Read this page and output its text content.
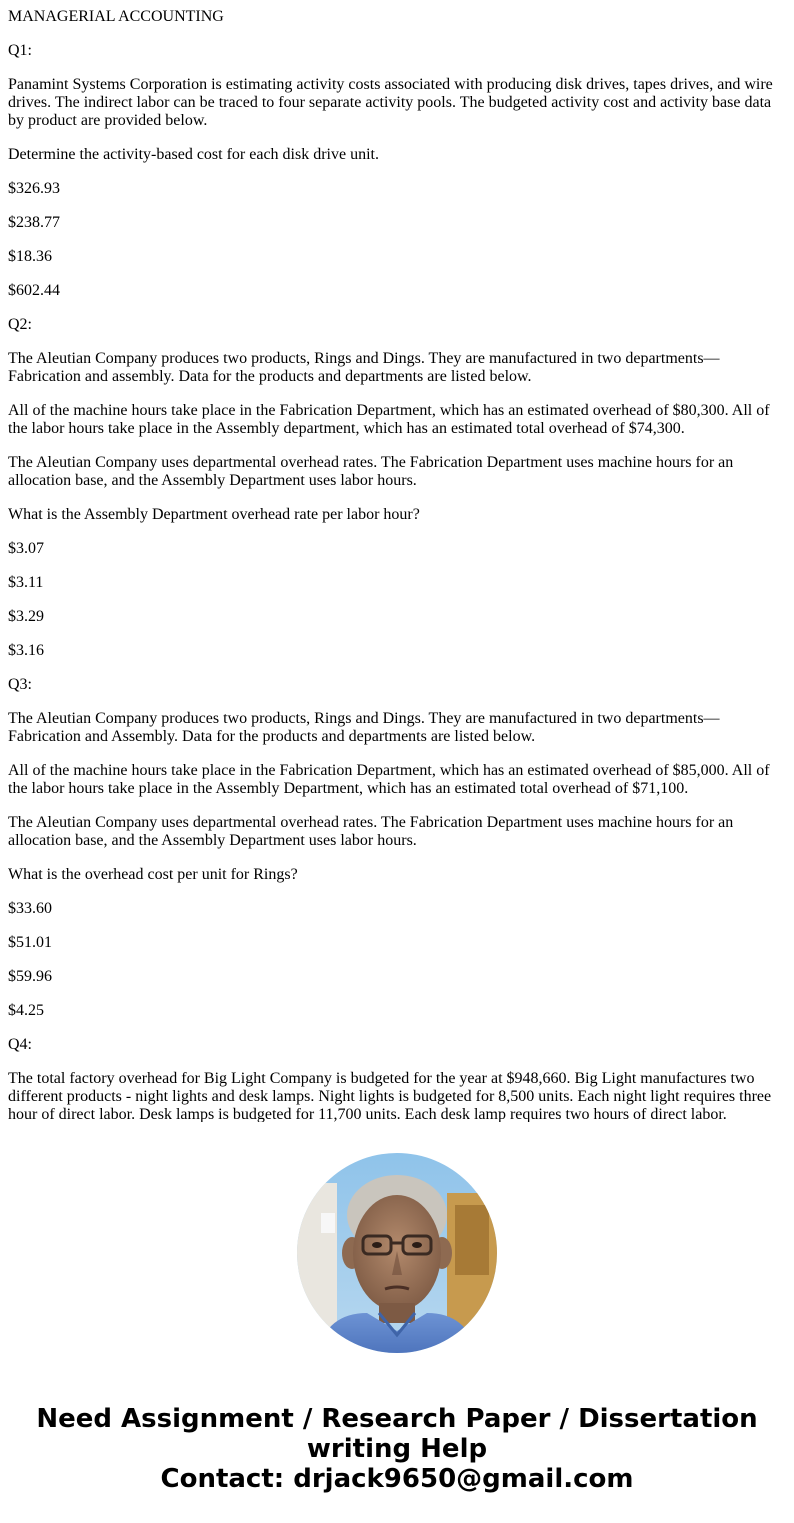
MANAGERIAL ACCOUNTING

Q1:

Panamint Systems Corporation is estimating activity costs associated with producing disk drives, tapes drives, and wire drives. The indirect labor can be traced to four separate activity pools. The budgeted activity cost and activity base data by product are provided below.

Determine the activity-based cost for each disk drive unit.

$326.93

$238.77

$18.36

$602.44

Q2:

The Aleutian Company produces two products, Rings and Dings. They are manufactured in two departments—Fabrication and assembly. Data for the products and departments are listed below.

All of the machine hours take place in the Fabrication Department, which has an estimated overhead of $80,300. All of the labor hours take place in the Assembly department, which has an estimated total overhead of $74,300.

The Aleutian Company uses departmental overhead rates. The Fabrication Department uses machine hours for an allocation base, and the Assembly Department uses labor hours.

What is the Assembly Department overhead rate per labor hour?

$3.07

$3.11

$3.29

$3.16

Q3:

The Aleutian Company produces two products, Rings and Dings. They are manufactured in two departments—Fabrication and Assembly. Data for the products and departments are listed below.

All of the machine hours take place in the Fabrication Department, which has an estimated overhead of $85,000. All of the labor hours take place in the Assembly Department, which has an estimated total overhead of $71,100.

The Aleutian Company uses departmental overhead rates. The Fabrication Department uses machine hours for an allocation base, and the Assembly Department uses labor hours.

What is the overhead cost per unit for Rings?

$33.60

$51.01

$59.96

$4.25

Q4:

The total factory overhead for Big Light Company is budgeted for the year at $948,660. Big Light manufactures two different products - night lights and desk lamps. Night lights is budgeted for 8,500 units. Each night light requires three hour of direct labor. Desk lamps is budgeted for 11,700 units. Each desk lamp requires two hours of direct labor.

Need Assignment / Research Paper / Dissertation
writing Help
Contact: drjack9650@gmail.com
